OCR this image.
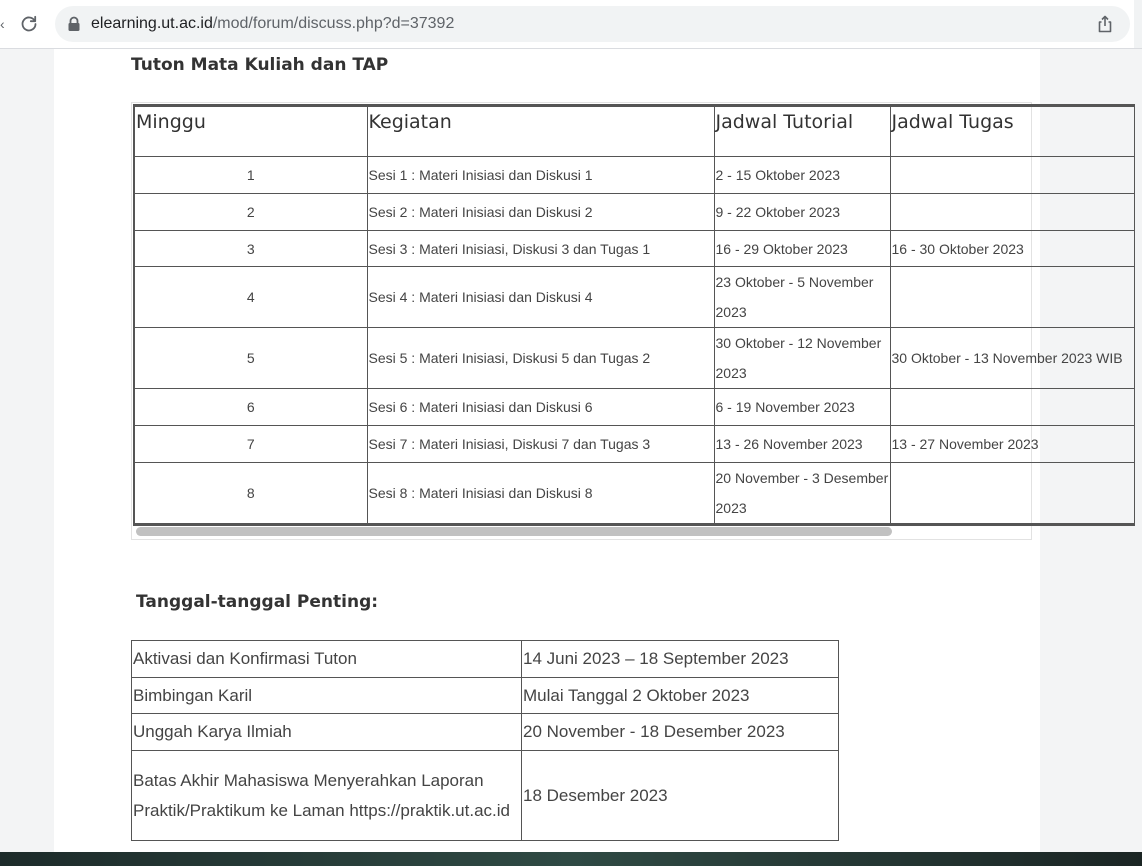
‹	elearning.ut.ac.id/mod/forum/discuss.php?d=37392
Tuton Mata Kuliah dan TAP
Minggu	Kegiatan	Jadwal Tutorial	Jadwal Tugas
1	Sesi 1 : Materi Inisiasi dan Diskusi 1	2 - 15 Oktober 2023	
2	Sesi 2 : Materi Inisiasi dan Diskusi 2	9 - 22 Oktober 2023	
3	Sesi 3 : Materi Inisiasi, Diskusi 3 dan Tugas 1	16 - 29 Oktober 2023	16 - 30 Oktober 2023
4	Sesi 4 : Materi Inisiasi dan Diskusi 4	23 Oktober - 5 November 2023	
5	Sesi 5 : Materi Inisiasi, Diskusi 5 dan Tugas 2	30 Oktober - 12 November 2023	30 Oktober - 13 November 2023 WIB
6	Sesi 6 : Materi Inisiasi dan Diskusi 6	6 - 19 November 2023	
7	Sesi 7 : Materi Inisiasi, Diskusi 7 dan Tugas 3	13 - 26 November 2023	13 - 27 November 2023
8	Sesi 8 : Materi Inisiasi dan Diskusi 8	20 November - 3 Desember 2023	
Tanggal-tanggal Penting:
Aktivasi dan Konfirmasi Tuton	14 Juni 2023 – 18 September 2023
Bimbingan Karil	Mulai Tanggal 2 Oktober 2023
Unggah Karya Ilmiah	20 November - 18 Desember 2023
Batas Akhir Mahasiswa Menyerahkan Laporan Praktik/Praktikum ke Laman https://praktik.ut.ac.id	18 Desember 2023
